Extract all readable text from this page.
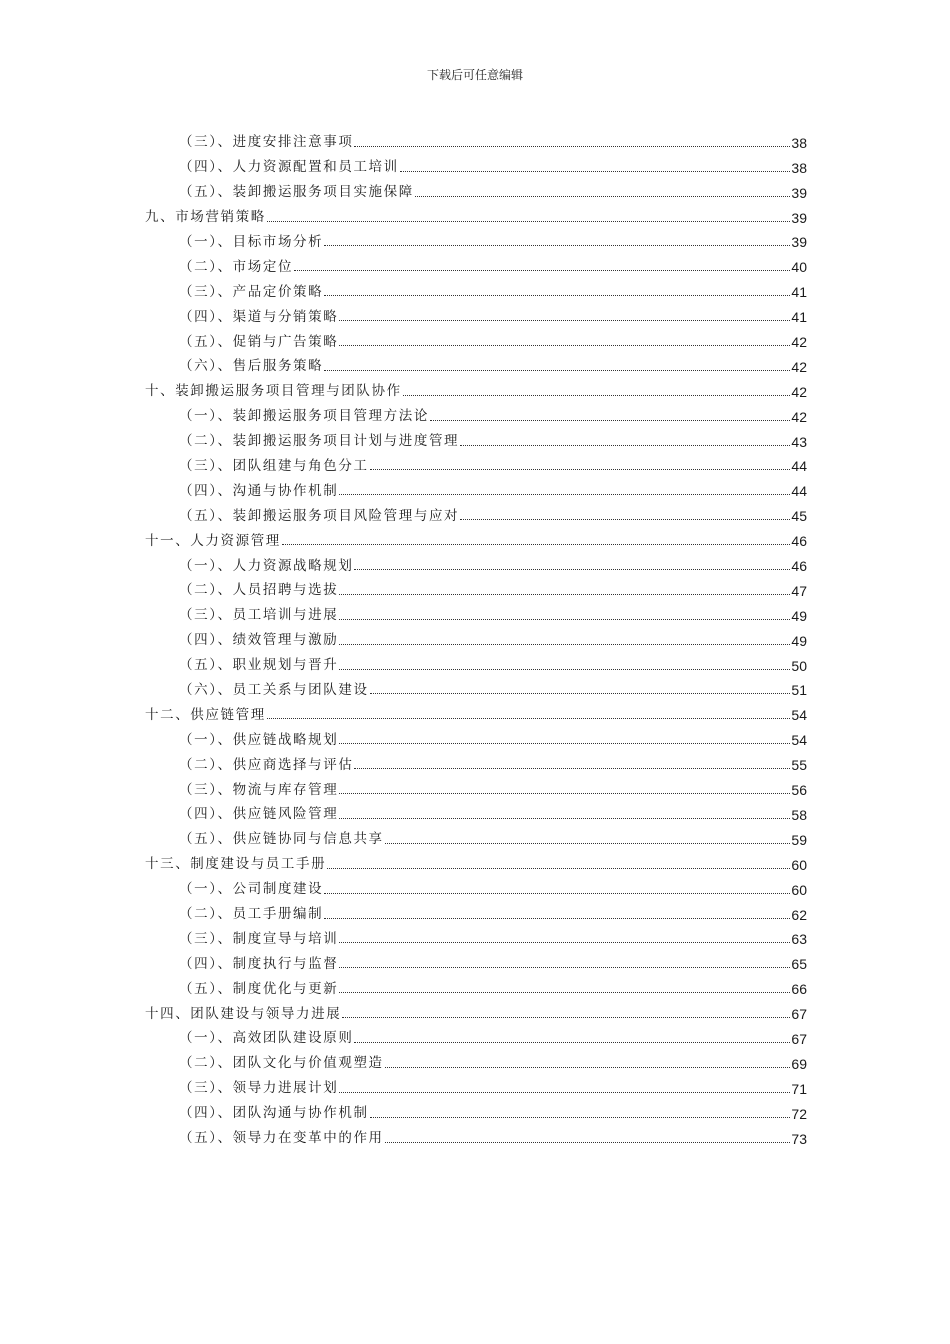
下载后可任意编辑
（三）、进度安排注意事项	38
（四）、人力资源配置和员工培训	38
（五）、装卸搬运服务项目实施保障	39
九、市场营销策略	39
（一）、目标市场分析	39
（二）、市场定位	40
（三）、产品定价策略	41
（四）、渠道与分销策略	41
（五）、促销与广告策略	42
（六）、售后服务策略	42
十、装卸搬运服务项目管理与团队协作	42
（一）、装卸搬运服务项目管理方法论	42
（二）、装卸搬运服务项目计划与进度管理	43
（三）、团队组建与角色分工	44
（四）、沟通与协作机制	44
（五）、装卸搬运服务项目风险管理与应对	45
十一、人力资源管理	46
（一）、人力资源战略规划	46
（二）、人员招聘与选拔	47
（三）、员工培训与进展	49
（四）、绩效管理与激励	49
（五）、职业规划与晋升	50
（六）、员工关系与团队建设	51
十二、供应链管理	54
（一）、供应链战略规划	54
（二）、供应商选择与评估	55
（三）、物流与库存管理	56
（四）、供应链风险管理	58
（五）、供应链协同与信息共享	59
十三、制度建设与员工手册	60
（一）、公司制度建设	60
（二）、员工手册编制	62
（三）、制度宣导与培训	63
（四）、制度执行与监督	65
（五）、制度优化与更新	66
十四、团队建设与领导力进展	67
（一）、高效团队建设原则	67
（二）、团队文化与价值观塑造	69
（三）、领导力进展计划	71
（四）、团队沟通与协作机制	72
（五）、领导力在变革中的作用	73
